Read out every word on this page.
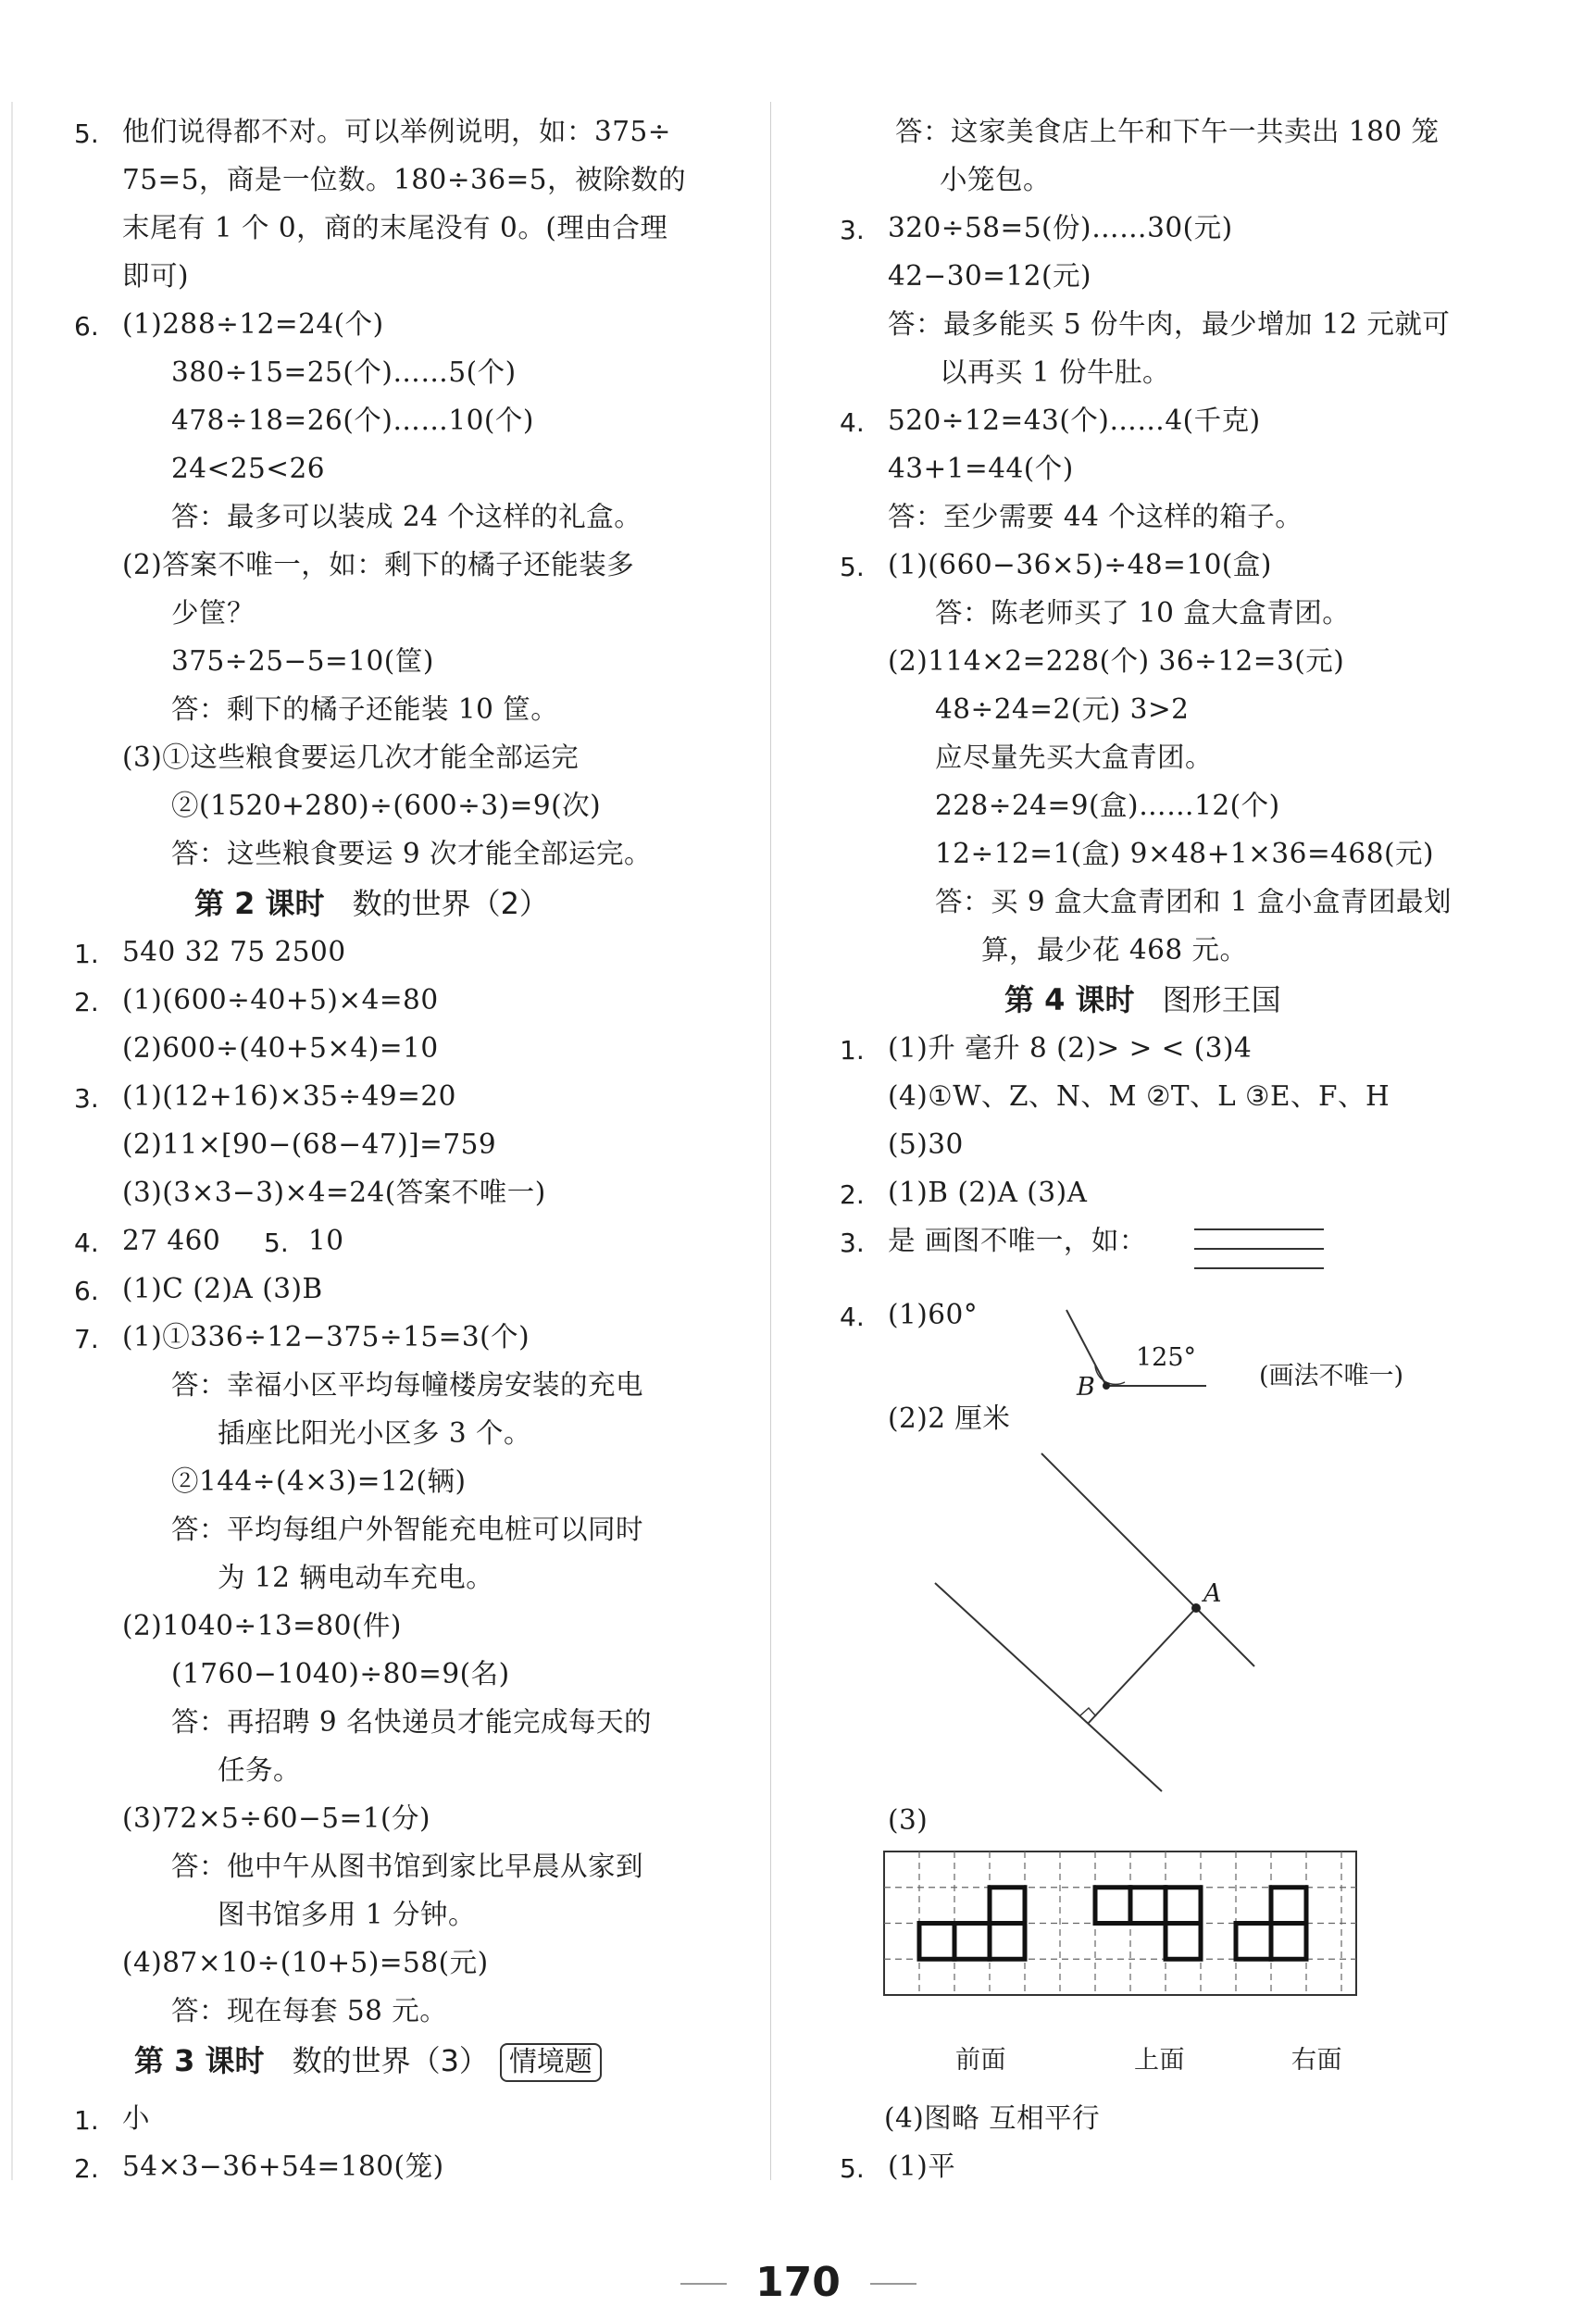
5. 他们说得都不对。可以举例说明，如：375÷
75=5，商是一位数。180÷36=5，被除数的
末尾有 1 个 0，商的末尾没有 0。(理由合理
即可)
6. (1)288÷12=24(个)
380÷15=25(个)……5(个)
478÷18=26(个)……10(个)
24<25<26
答：最多可以装成 24 个这样的礼盒。
(2)答案不唯一，如：剩下的橘子还能装多
少筐？
375÷25−5=10(筐)
答：剩下的橘子还能装 10 筐。
(3)①这些粮食要运几次才能全部运完
②(1520+280)÷(600÷3)=9(次)
答：这些粮食要运 9 次才能全部运完。
第 2 课时 数的世界（2）
1. 540 32 75 2500
2. (1)(600÷40+5)×4=80
(2)600÷(40+5×4)=10
3. (1)(12+16)×35÷49=20
(2)11×[90−(68−47)]=759
(3)(3×3−3)×4=24(答案不唯一)
4. 27 460 5. 10
6. (1)C (2)A (3)B
7. (1)①336÷12−375÷15=3(个)
答：幸福小区平均每幢楼房安装的充电
插座比阳光小区多 3 个。
②144÷(4×3)=12(辆)
答：平均每组户外智能充电桩可以同时
为 12 辆电动车充电。
(2)1040÷13=80(件)
(1760−1040)÷80=9(名)
答：再招聘 9 名快递员才能完成每天的
任务。
(3)72×5÷60−5=1(分)
答：他中午从图书馆到家比早晨从家到
图书馆多用 1 分钟。
(4)87×10÷(10+5)=58(元)
答：现在每套 58 元。
第 3 课时 数的世界（3） 情境题
1. 小
2. 54×3−36+54=180(笼)
答：这家美食店上午和下午一共卖出 180 笼
小笼包。
3. 320÷58=5(份)……30(元)
42−30=12(元)
答：最多能买 5 份牛肉，最少增加 12 元就可
以再买 1 份牛肚。
4. 520÷12=43(个)……4(千克)
43+1=44(个)
答：至少需要 44 个这样的箱子。
5. (1)(660−36×5)÷48=10(盒)
答：陈老师买了 10 盒大盒青团。
(2)114×2=228(个) 36÷12=3(元)
48÷24=2(元) 3>2
应尽量先买大盒青团。
228÷24=9(盒)……12(个)
12÷12=1(盒) 9×48+1×36=468(元)
答：买 9 盒大盒青团和 1 盒小盒青团最划
算，最少花 468 元。
第 4 课时 图形王国
1. (1)升 毫升 8 (2)> > < (3)4
(4)①W、Z、N、M ②T、L ③E、F、H
(5)30
2. (1)B (2)A (3)A
3. 是 画图不唯一，如：
4. (1)60°
125°
B	(画法不唯一)
(2)2 厘米
A
(3)
前面	上面	右面
(4)图略 互相平行
5. (1)平
170
